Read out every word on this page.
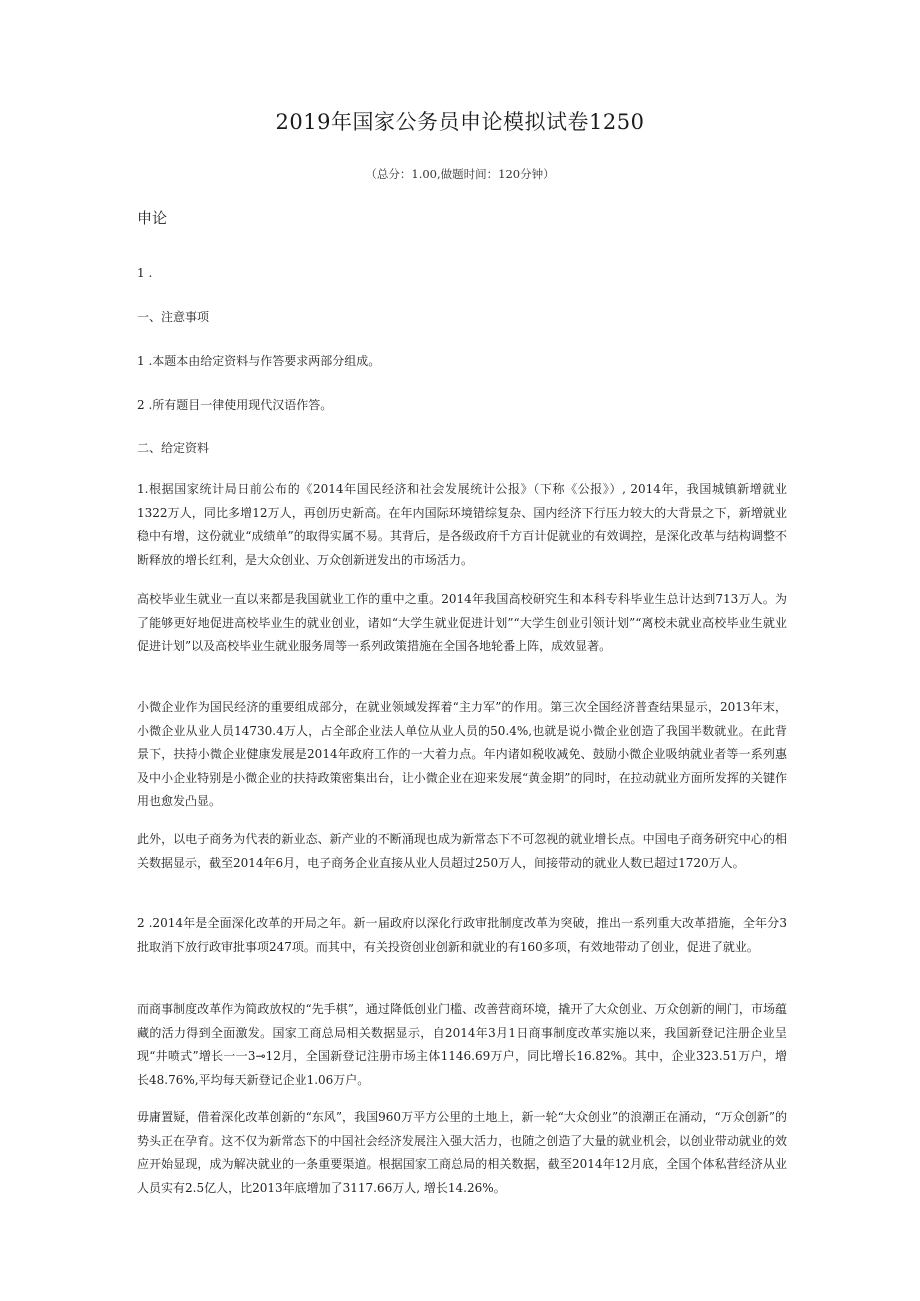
2019年国家公务员申论模拟试卷1250
（总分：1.00,做题时间：120分钟）
申论
1 .
一、注意事项
1 .本题本由给定资料与作答要求两部分组成。
2 .所有题目一律使用现代汉语作答。
二、给定资料

1.根据国家统计局日前公布的《2014年国民经济和社会发展统计公报》（下称《公报》）, 2014年，我国城镇新增就业1322万人，同比多增12万人，再创历史新高。在年内国际环境错综复杂、国内经济下行压力较大的大背景之下，新增就业稳中有增，这份就业“成绩单”的取得实属不易。其背后，是各级政府千方百计促就业的有效调控，是深化改革与结构调整不断释放的增长红利，是大众创业、万众创新迸发出的市场活力。

高校毕业生就业一直以来都是我国就业工作的重中之重。2014年我国高校研究生和本科专科毕业生总计达到713万人。为了能够更好地促进高校毕业生的就业创业，诸如“大学生就业促进计划”“大学生创业引领计划”“离校未就业高校毕业生就业促进计划”以及高校毕业生就业服务周等一系列政策措施在全国各地轮番上阵，成效显著。

小微企业作为国民经济的重要组成部分，在就业领域发挥着“主力军”的作用。第三次全国经济普查结果显示，2013年末，小微企业从业人员14730.4万人，占全部企业法人单位从业人员的50.4%,也就是说小微企业创造了我国半数就业。在此背景下，扶持小微企业健康发展是2014年政府工作的一大着力点。年内诸如税收减免、鼓励小微企业吸纳就业者等一系列惠及中小企业特别是小微企业的扶持政策密集出台，让小微企业在迎来发展“黄金期”的同时，在拉动就业方面所发挥的关键作用也愈发凸显。

此外，以电子商务为代表的新业态、新产业的不断涌现也成为新常态下不可忽视的就业增长点。中国电子商务研究中心的相关数据显示，截至2014年6月，电子商务企业直接从业人员超过250万人，间接带动的就业人数已超过1720万人。

2 .2014年是全面深化改革的开局之年。新一届政府以深化行政审批制度改革为突破，推出一系列重大改革措施，全年分3批取消下放行政审批事项247项。而其中，有关投资创业创新和就业的有160多项，有效地带动了创业，促进了就业。

而商事制度改革作为简政放权的“先手棋”，通过降低创业门槛、改善营商环境，撬开了大众创业、万众创新的闸门，市场蕴藏的活力得到全面激发。国家工商总局相关数据显示，自2014年3月1日商事制度改革实施以来，我国新登记注册企业呈现“井喷式”增长一一3⊸12月，全国新登记注册市场主体1146.69万户，同比增长16.82%。其中，企业323.51万户，增长48.76%,平均每天新登记企业1.06万户。

毋庸置疑，借着深化改革创新的“东风”，我国960万平方公里的土地上，新一轮“大众创业”的浪潮正在涌动，“万众创新”的势头正在孕育。这不仅为新常态下的中国社会经济发展注入强大活力，也随之创造了大量的就业机会，以创业带动就业的效应开始显现，成为解决就业的一条重要渠道。根据国家工商总局的相关数据，截至2014年12月底，全国个体私营经济从业人员实有2.5亿人，比2013年底增加了3117.66万人, 增长14.26%。
